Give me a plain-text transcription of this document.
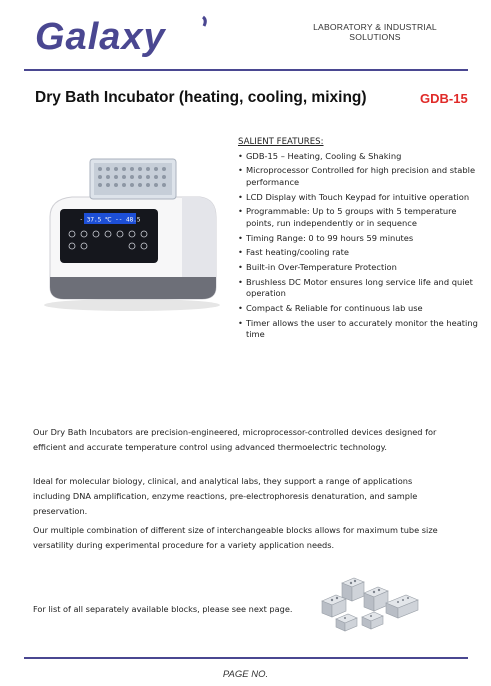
Galaxy	LABORATORY & INDUSTRIAL
SOLUTIONS
Dry Bath Incubator (heating, cooling, mixing)	GDB-15
- 37.5 ℃ -- 48.5
SALIENT FEATURES:
• GDB-15 – Heating, Cooling & Shaking
• Microprocessor Controlled for high precision and stable performance
• LCD Display with Touch Keypad for intuitive operation
• Programmable: Up to 5 groups with 5 temperature points, run independently or in sequence
• Timing Range: 0 to 99 hours 59 minutes
• Fast heating/cooling rate
• Built-in Over-Temperature Protection
• Brushless DC Motor ensures long service life and quiet operation
• Compact & Reliable for continuous lab use
• Timer allows the user to accurately monitor the heating time
Our Dry Bath Incubators are precision-engineered, microprocessor-controlled devices designed for
efficient and accurate temperature control using advanced thermoelectric technology.
Ideal for molecular biology, clinical, and analytical labs, they support a range of applications
including DNA amplification, enzyme reactions, pre-electrophoresis denaturation, and sample preservation.
Our multiple combination of different size of interchangeable blocks allows for maximum tube size
versatility during experimental procedure for a variety application needs.
For list of all separately available blocks, please see next page.
PAGE NO.
